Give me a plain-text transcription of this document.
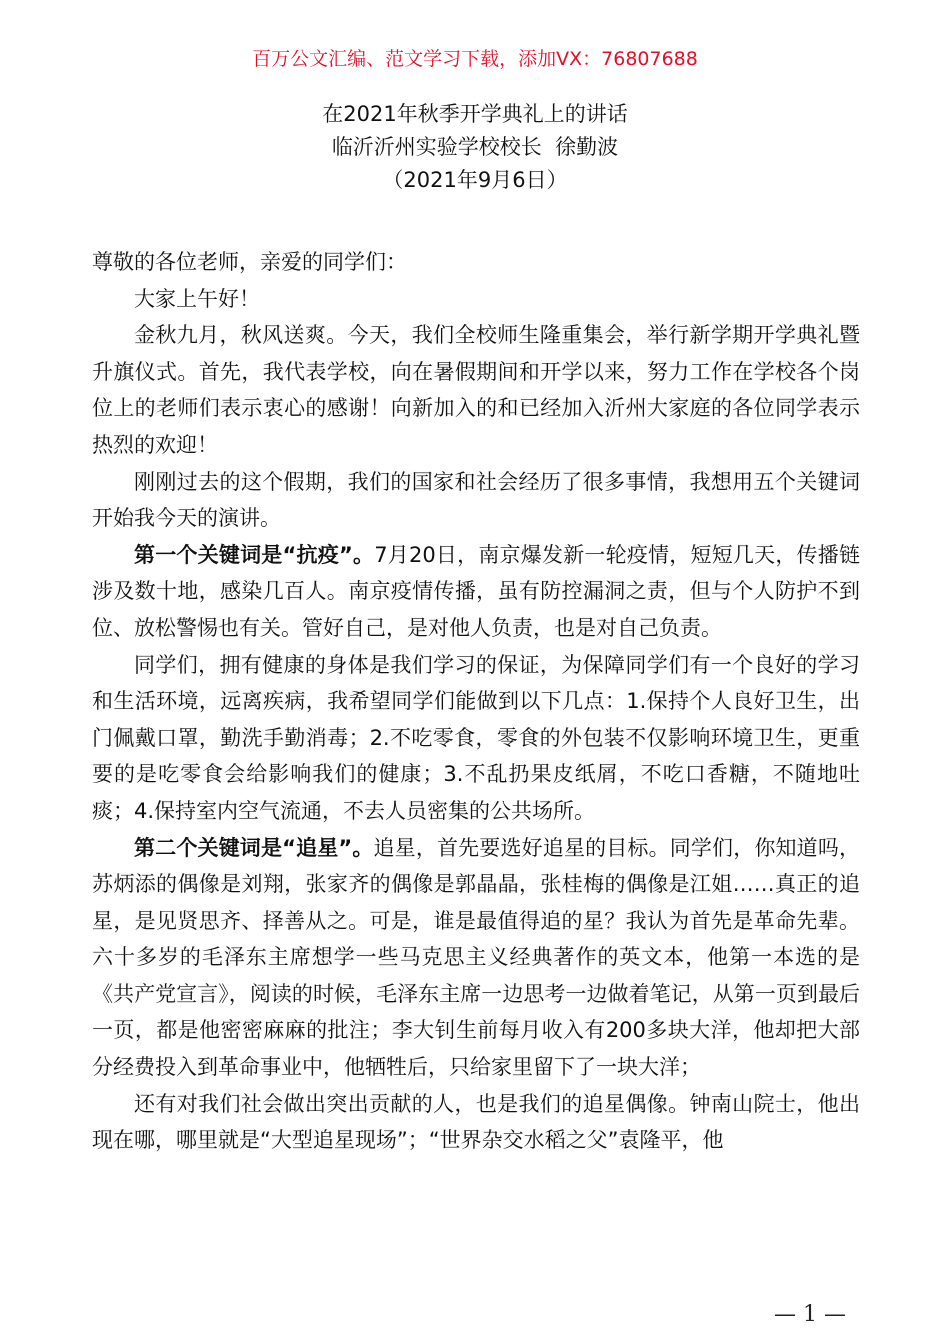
百万公文汇编、范文学习下载，添加VX：76807688
在2021年秋季开学典礼上的讲话
临沂沂州实验学校校长  徐勤波
（2021年9月6日）

尊敬的各位老师，亲爱的同学们：

大家上午好！

金秋九月，秋风送爽。今天，我们全校师生隆重集会，举行新学期开学典礼暨升旗仪式。首先，我代表学校，向在暑假期间和开学以来，努力工作在学校各个岗位上的老师们表示衷心的感谢！向新加入的和已经加入沂州大家庭的各位同学表示热烈的欢迎！

刚刚过去的这个假期，我们的国家和社会经历了很多事情，我想用五个关键词开始我今天的演讲。

第一个关键词是“抗疫”。7月20日，南京爆发新一轮疫情，短短几天，传播链涉及数十地，感染几百人。南京疫情传播，虽有防控漏洞之责，但与个人防护不到位、放松警惕也有关。管好自己，是对他人负责，也是对自己负责。

同学们，拥有健康的身体是我们学习的保证，为保障同学们有一个良好的学习和生活环境，远离疾病，我希望同学们能做到以下几点：1.保持个人良好卫生，出门佩戴口罩，勤洗手勤消毒；2.不吃零食，零食的外包装不仅影响环境卫生，更重要的是吃零食会给影响我们的健康；3.不乱扔果皮纸屑，不吃口香糖，不随地吐痰；4.保持室内空气流通，不去人员密集的公共场所。

第二个关键词是“追星”。追星，首先要选好追星的目标。同学们，你知道吗，苏炳添的偶像是刘翔，张家齐的偶像是郭晶晶，张桂梅的偶像是江姐……真正的追星，是见贤思齐、择善从之。可是，谁是最值得追的星？我认为首先是革命先辈。六十多岁的毛泽东主席想学一些马克思主义经典著作的英文本，他第一本选的是《共产党宣言》，阅读的时候，毛泽东主席一边思考一边做着笔记，从第一页到最后一页，都是他密密麻麻的批注；李大钊生前每月收入有200多块大洋，他却把大部分经费投入到革命事业中，他牺牲后，只给家里留下了一块大洋；

还有对我们社会做出突出贡献的人，也是我们的追星偶像。钟南山院士，他出现在哪，哪里就是“大型追星现场”；“世界杂交水稻之父”袁隆平，他

— 1 —
